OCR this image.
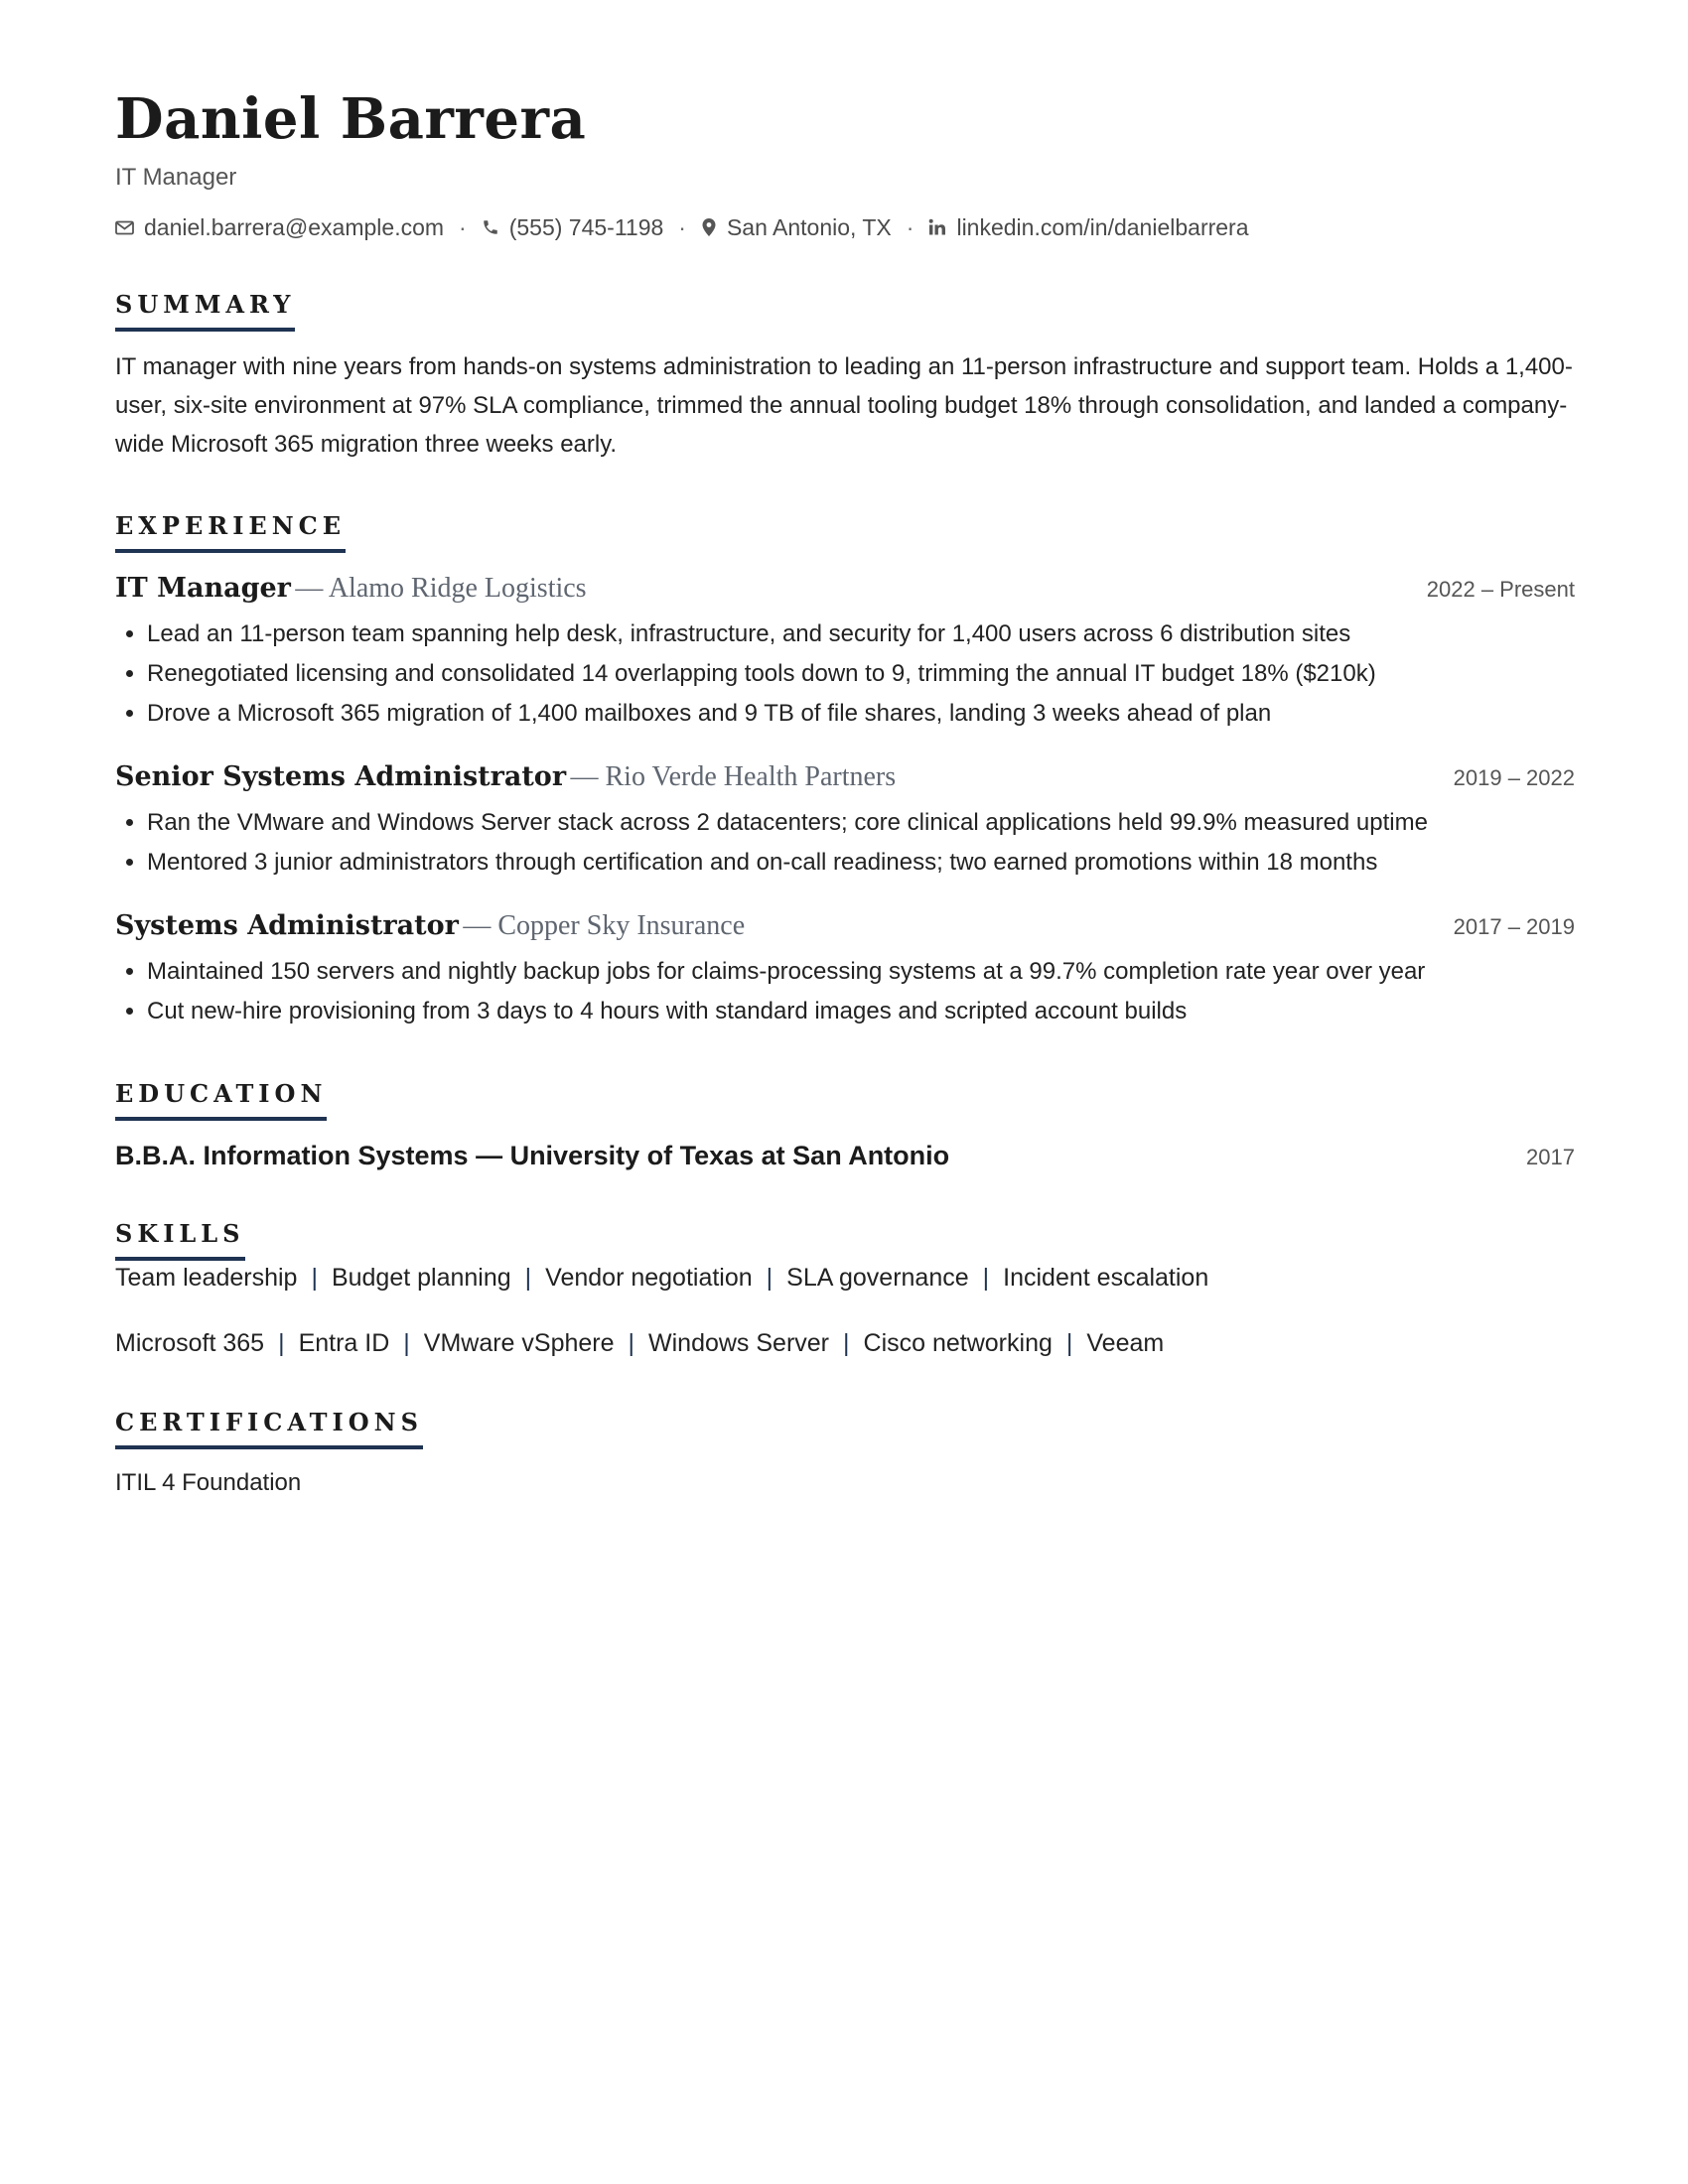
Daniel Barrera
IT Manager
daniel.barrera@example.com · (555) 745-1198 · San Antonio, TX · linkedin.com/in/danielbarrera
SUMMARY
IT manager with nine years from hands-on systems administration to leading an 11-person infrastructure and support team. Holds a 1,400-user, six-site environment at 97% SLA compliance, trimmed the annual tooling budget 18% through consolidation, and landed a company-wide Microsoft 365 migration three weeks early.
EXPERIENCE
IT Manager — Alamo Ridge Logistics	2022 – Present
• Lead an 11-person team spanning help desk, infrastructure, and security for 1,400 users across 6 distribution sites
• Renegotiated licensing and consolidated 14 overlapping tools down to 9, trimming the annual IT budget 18% ($210k)
• Drove a Microsoft 365 migration of 1,400 mailboxes and 9 TB of file shares, landing 3 weeks ahead of plan
Senior Systems Administrator — Rio Verde Health Partners	2019 – 2022
• Ran the VMware and Windows Server stack across 2 datacenters; core clinical applications held 99.9% measured uptime
• Mentored 3 junior administrators through certification and on-call readiness; two earned promotions within 18 months
Systems Administrator — Copper Sky Insurance	2017 – 2019
• Maintained 150 servers and nightly backup jobs for claims-processing systems at a 99.7% completion rate year over year
• Cut new-hire provisioning from 3 days to 4 hours with standard images and scripted account builds
EDUCATION
B.B.A. Information Systems — University of Texas at San Antonio	2017
SKILLS
Team leadership | Budget planning | Vendor negotiation | SLA governance | Incident escalation
Microsoft 365 | Entra ID | VMware vSphere | Windows Server | Cisco networking | Veeam
CERTIFICATIONS
ITIL 4 Foundation
